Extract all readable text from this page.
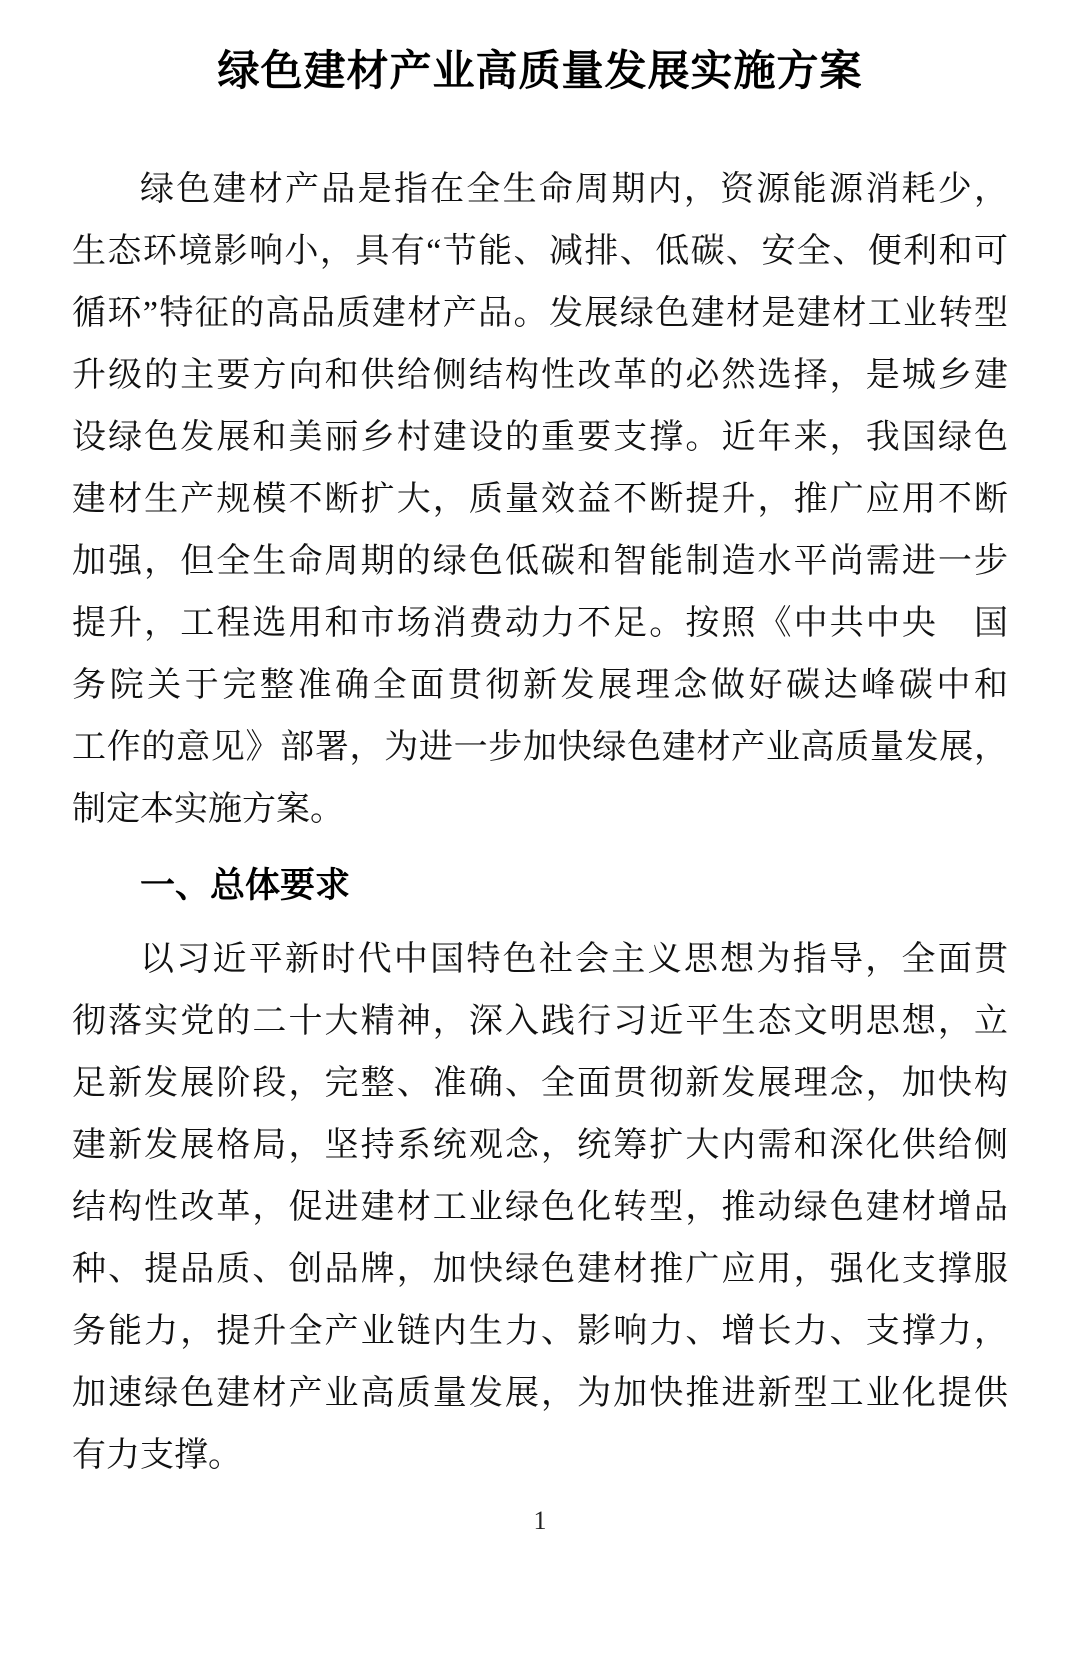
绿色建材产业高质量发展实施方案
绿色建材产品是指在全生命周期内，资源能源消耗少，
生态环境影响小，具有“节能、减排、低碳、安全、便利和可
循环”特征的高品质建材产品。发展绿色建材是建材工业转型
升级的主要方向和供给侧结构性改革的必然选择，是城乡建
设绿色发展和美丽乡村建设的重要支撑。近年来，我国绿色
建材生产规模不断扩大，质量效益不断提升，推广应用不断
加强，但全生命周期的绿色低碳和智能制造水平尚需进一步
提升，工程选用和市场消费动力不足。按照《中共中央　国
务院关于完整准确全面贯彻新发展理念做好碳达峰碳中和
工作的意见》部署，为进一步加快绿色建材产业高质量发展，
制定本实施方案。
一、总体要求
以习近平新时代中国特色社会主义思想为指导，全面贯
彻落实党的二十大精神，深入践行习近平生态文明思想，立
足新发展阶段，完整、准确、全面贯彻新发展理念，加快构
建新发展格局，坚持系统观念，统筹扩大内需和深化供给侧
结构性改革，促进建材工业绿色化转型，推动绿色建材增品
种、提品质、创品牌，加快绿色建材推广应用，强化支撑服
务能力，提升全产业链内生力、影响力、增长力、支撑力，
加速绿色建材产业高质量发展，为加快推进新型工业化提供
有力支撑。
1
